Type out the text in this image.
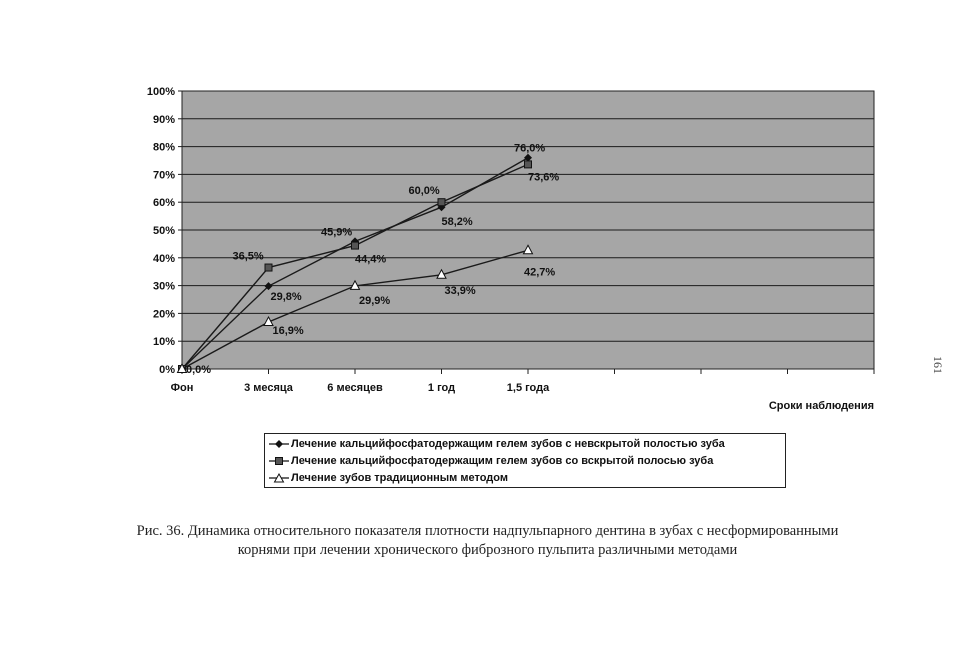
0%
10%
20%
30%
40%
50%
60%
70%
80%
90%
100%
Фон	3 месяца	6 месяцев	1 год	1,5 года
29,8%
45,9%
58,2%
76,0%
36,5%	44,4%
60,0%
73,6%
0,0%
16,9%
29,9%
33,9%
42,7%
Сроки наблюдения
Лечение кальцийфосфатодержащим гелем зубов с невскрытой полостью зуба
Лечение кальцийфосфатодержащим гелем зубов со вскрытой полосью зуба
Лечение зубов традиционным методом
Рис. 36. Динамика относительного показателя плотности надпульпарного дентина в зубах с несформированными
корнями при лечении хронического фиброзного пульпита различными методами
161
